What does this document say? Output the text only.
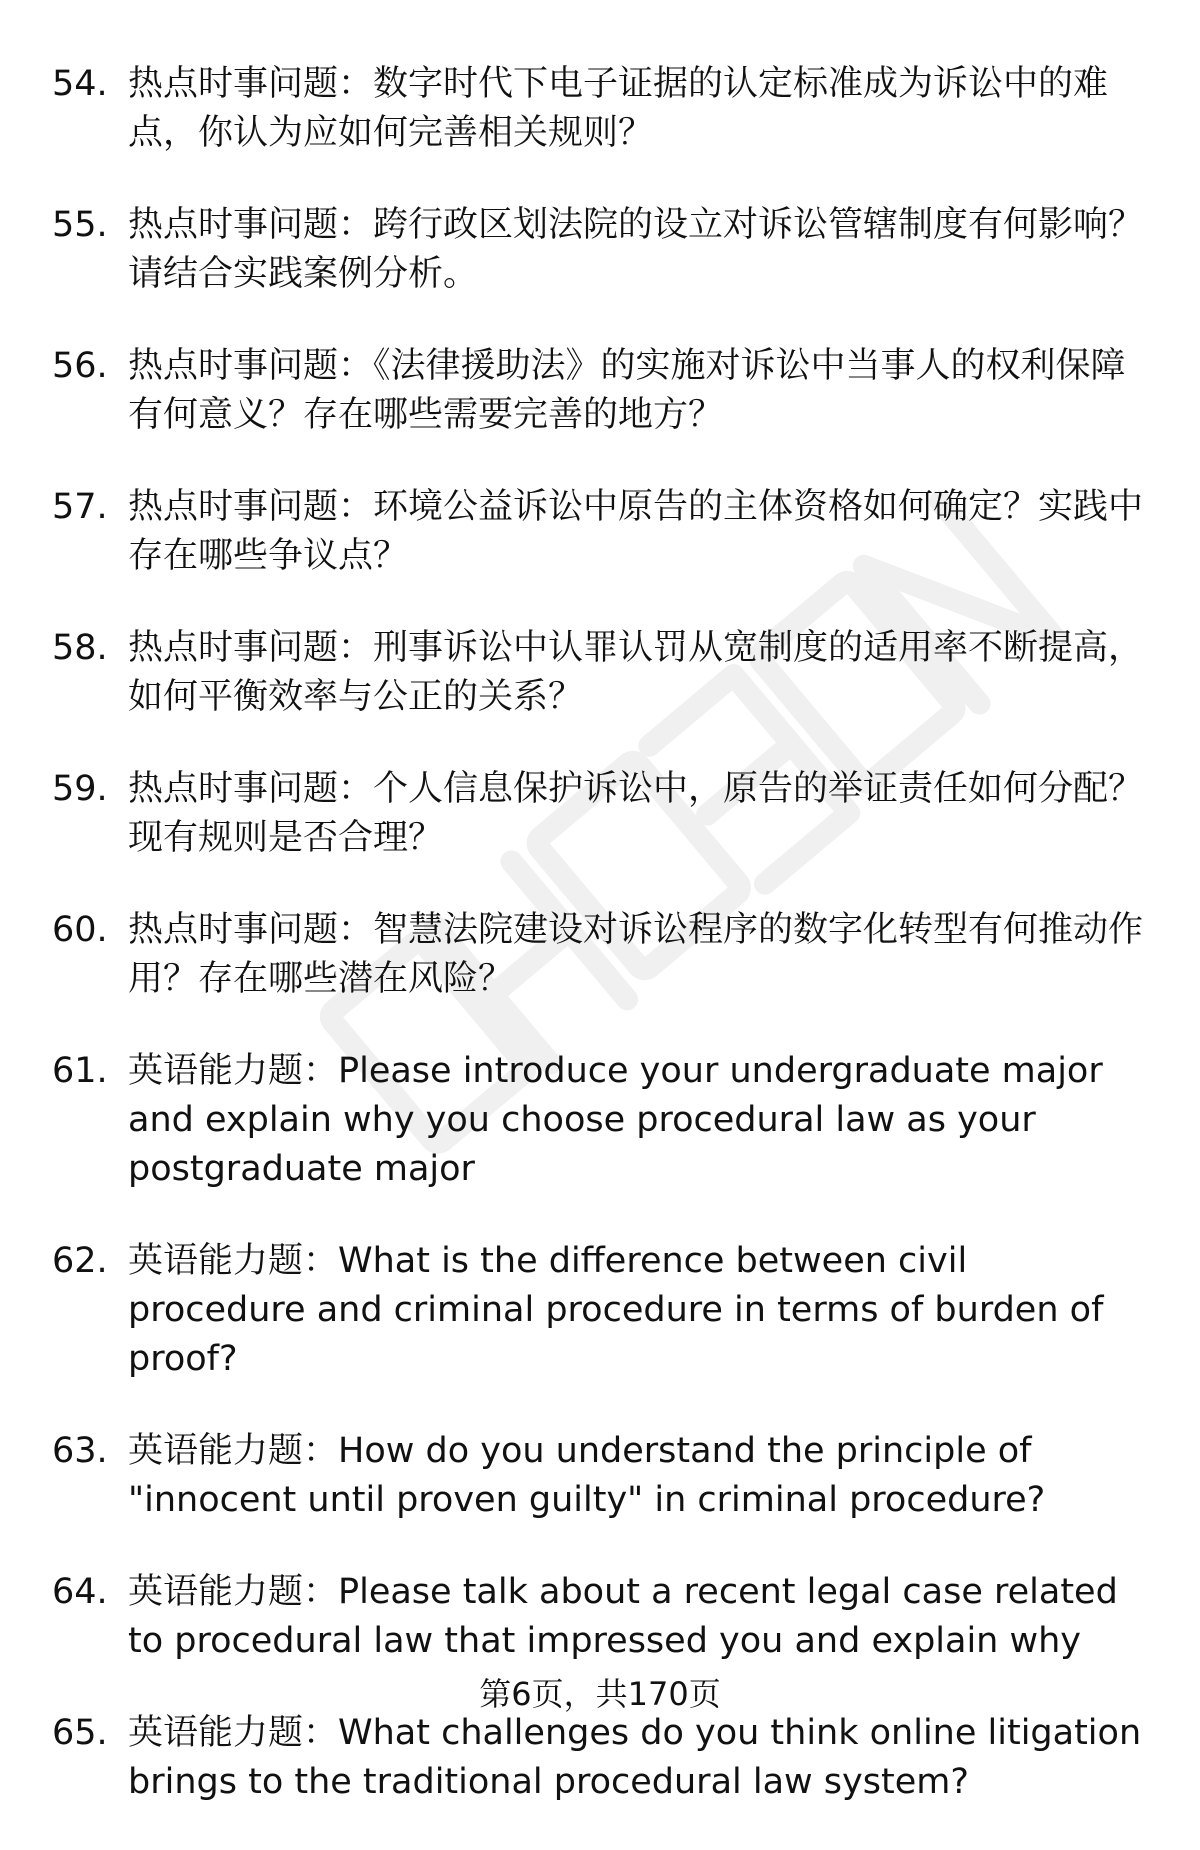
54. 热点时事问题：数字时代下电子证据的认定标准成为诉讼中的难点，你认为应如何完善相关规则？
55. 热点时事问题：跨行政区划法院的设立对诉讼管辖制度有何影响？请结合实践案例分析。
56. 热点时事问题：《法律援助法》的实施对诉讼中当事人的权利保障有何意义？存在哪些需要完善的地方？
57. 热点时事问题：环境公益诉讼中原告的主体资格如何确定？实践中存在哪些争议点？
58. 热点时事问题：刑事诉讼中认罪认罚从宽制度的适用率不断提高，如何平衡效率与公正的关系？
59. 热点时事问题：个人信息保护诉讼中，原告的举证责任如何分配？现有规则是否合理？
60. 热点时事问题：智慧法院建设对诉讼程序的数字化转型有何推动作用？存在哪些潜在风险？
61. 英语能力题：Please introduce your undergraduate major and explain why you choose procedural law as your postgraduate major
62. 英语能力题：What is the difference between civil procedure and criminal procedure in terms of burden of proof?
63. 英语能力题：How do you understand the principle of "innocent until proven guilty" in criminal procedure?
64. 英语能力题：Please talk about a recent legal case related to procedural law that impressed you and explain why
65. 英语能力题：What challenges do you think online litigation brings to the traditional procedural law system?
第6页，共170页
